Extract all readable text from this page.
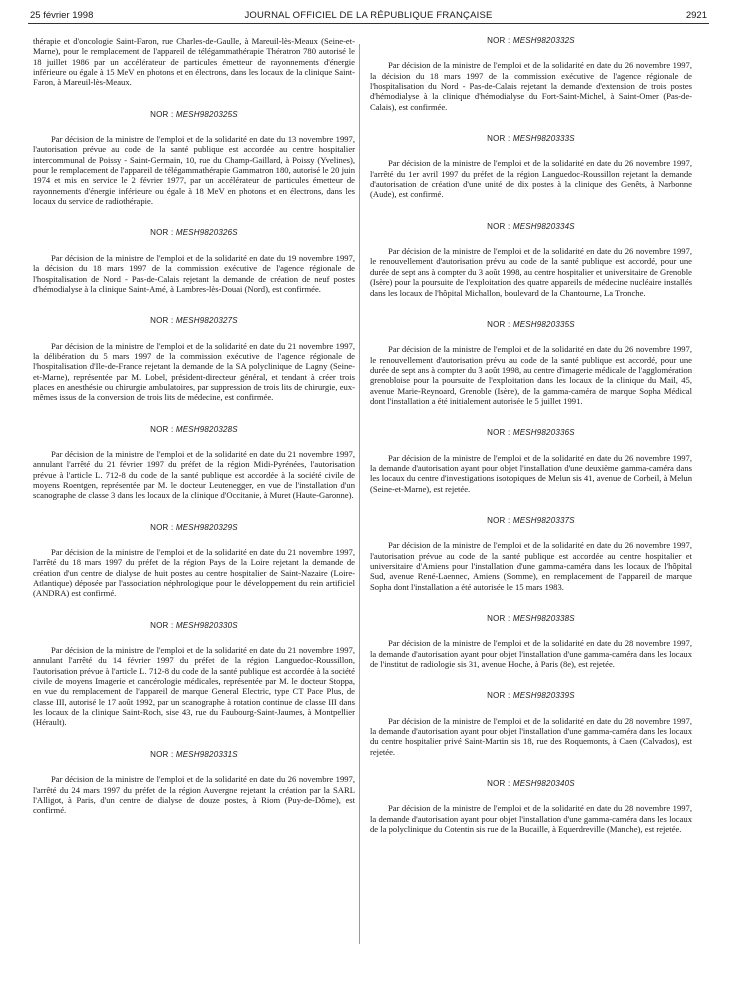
25 février 1998	JOURNAL OFFICIEL DE LA RÉPUBLIQUE FRANÇAISE	2921

thérapie et d'oncologie Saint-Faron, rue Charles-de-Gaulle, à Mareuil-lès-Meaux (Seine-et-Marne), pour le remplacement de l'appareil de télégammathérapie Thératron 780 autorisé le 18 juillet 1986 par un accélérateur de particules émetteur de rayonnements d'énergie inférieure ou égale à 15 MeV en photons et en électrons, dans les locaux de la clinique Saint-Faron, à Mareuil-lès-Meaux.

NOR : MESH9820325S

Par décision de la ministre de l'emploi et de la solidarité en date du 13 novembre 1997, l'autorisation prévue au code de la santé publique est accordée au centre hospitalier intercommunal de Poissy - Saint-Germain, 10, rue du Champ-Gaillard, à Poissy (Yvelines), pour le remplacement de l'appareil de télégammathérapie Gammatron 180, autorisé le 20 juin 1974 et mis en service le 2 février 1977, par un accélérateur de particules émetteur de rayonnements d'énergie inférieure ou égale à 18 MeV en photons et en électrons, dans les locaux du service de radiothérapie.

NOR : MESH9820326S

Par décision de la ministre de l'emploi et de la solidarité en date du 19 novembre 1997, la décision du 18 mars 1997 de la commission exécutive de l'agence régionale de l'hospitalisation de Nord - Pas-de-Calais rejetant la demande de création de neuf postes d'hémodialyse à la clinique Saint-Amé, à Lambres-lès-Douai (Nord), est confirmée.

NOR : MESH9820327S

Par décision de la ministre de l'emploi et de la solidarité en date du 21 novembre 1997, la délibération du 5 mars 1997 de la commission exécutive de l'agence régionale de l'hospitalisation d'Ile-de-France rejetant la demande de la SA polyclinique de Lagny (Seine-et-Marne), représentée par M. Lobel, président-directeur général, et tendant à créer trois places en anesthésie ou chirurgie ambulatoires, par suppression de trois lits de chirurgie, eux-mêmes issus de la conversion de trois lits de médecine, est confirmée.

NOR : MESH9820328S

Par décision de la ministre de l'emploi et de la solidarité en date du 21 novembre 1997, annulant l'arrêté du 21 février 1997 du préfet de la région Midi-Pyrénées, l'autorisation prévue à l'article L. 712-8 du code de la santé publique est accordée à la société civile de moyens Roentgen, représentée par M. le docteur Leutenegger, en vue de l'installation d'un scanographe de classe 3 dans les locaux de la clinique d'Occitanie, à Muret (Haute-Garonne).

NOR : MESH9820329S

Par décision de la ministre de l'emploi et de la solidarité en date du 21 novembre 1997, l'arrêté du 18 mars 1997 du préfet de la région Pays de la Loire rejetant la demande de création d'un centre de dialyse de huit postes au centre hospitalier de Saint-Nazaire (Loire-Atlantique) déposée par l'association néphrologique pour le développement du rein artificiel (ANDRA) est confirmé.

NOR : MESH9820330S

Par décision de la ministre de l'emploi et de la solidarité en date du 21 novembre 1997, annulant l'arrêté du 14 février 1997 du préfet de la région Languedoc-Roussillon, l'autorisation prévue à l'article L. 712-8 du code de la santé publique est accordée à la société civile de moyens Imagerie et cancérologie médicales, représentée par M. le docteur Stoppa, en vue du remplacement de l'appareil de marque General Electric, type CT Pace Plus, de classe III, autorisé le 17 août 1992, par un scanographe à rotation continue de classe III dans les locaux de la clinique Saint-Roch, sise 43, rue du Faubourg-Saint-Jaumes, à Montpellier (Hérault).

NOR : MESH9820331S

Par décision de la ministre de l'emploi et de la solidarité en date du 26 novembre 1997, l'arrêté du 24 mars 1997 du préfet de la région Auvergne rejetant la création par la SARL l'Alligot, à Paris, d'un centre de dialyse de douze postes, à Riom (Puy-de-Dôme), est confirmé.

NOR : MESH9820332S

Par décision de la ministre de l'emploi et de la solidarité en date du 26 novembre 1997, la décision du 18 mars 1997 de la commission exécutive de l'agence régionale de l'hospitalisation du Nord - Pas-de-Calais rejetant la demande d'extension de trois postes d'hémodialyse à la clinique d'hémodialyse du Fort-Saint-Michel, à Saint-Omer (Pas-de-Calais), est confirmée.

NOR : MESH9820333S

Par décision de la ministre de l'emploi et de la solidarité en date du 26 novembre 1997, l'arrêté du 1er avril 1997 du préfet de la région Languedoc-Roussillon rejetant la demande d'autorisation de création d'une unité de dix postes à la clinique des Genêts, à Narbonne (Aude), est confirmé.

NOR : MESH9820334S

Par décision de la ministre de l'emploi et de la solidarité en date du 26 novembre 1997, le renouvellement d'autorisation prévu au code de la santé publique est accordé, pour une durée de sept ans à compter du 3 août 1998, au centre hospitalier et universitaire de Grenoble (Isère) pour la poursuite de l'exploitation des quatre appareils de médecine nucléaire installés dans les locaux de l'hôpital Michallon, boulevard de la Chantourne, La Tronche.

NOR : MESH9820335S

Par décision de la ministre de l'emploi et de la solidarité en date du 26 novembre 1997, le renouvellement d'autorisation prévu au code de la santé publique est accordé, pour une durée de sept ans à compter du 3 août 1998, au centre d'imagerie médicale de l'agglomération grenobloise pour la poursuite de l'exploitation dans les locaux de la clinique du Mail, 45, avenue Marie-Reynoard, Grenoble (Isère), de la gamma-caméra de marque Sopha Médical dont l'installation a été initialement autorisée le 5 juillet 1991.

NOR : MESH9820336S

Par décision de la ministre de l'emploi et de la solidarité en date du 26 novembre 1997, la demande d'autorisation ayant pour objet l'installation d'une deuxième gamma-caméra dans les locaux du centre d'investigations isotopiques de Melun sis 41, avenue de Corbeil, à Melun (Seine-et-Marne), est rejetée.

NOR : MESH9820337S

Par décision de la ministre de l'emploi et de la solidarité en date du 26 novembre 1997, l'autorisation prévue au code de la santé publique est accordée au centre hospitalier et universitaire d'Amiens pour l'installation d'une gamma-caméra dans les locaux de l'hôpital Sud, avenue René-Laennec, Amiens (Somme), en remplacement de l'appareil de marque Sopha dont l'installation a été autorisée le 15 mars 1983.

NOR : MESH9820338S

Par décision de la ministre de l'emploi et de la solidarité en date du 28 novembre 1997, la demande d'autorisation ayant pour objet l'installation d'une gamma-caméra dans les locaux de l'institut de radiologie sis 31, avenue Hoche, à Paris (8e), est rejetée.

NOR : MESH9820339S

Par décision de la ministre de l'emploi et de la solidarité en date du 28 novembre 1997, la demande d'autorisation ayant pour objet l'installation d'une gamma-caméra dans les locaux du centre hospitalier privé Saint-Martin sis 18, rue des Roquemonts, à Caen (Calvados), est rejetée.

NOR : MESH9820340S

Par décision de la ministre de l'emploi et de la solidarité en date du 28 novembre 1997, la demande d'autorisation ayant pour objet l'installation d'une gamma-caméra dans les locaux de la polyclinique du Cotentin sis rue de la Bucaille, à Equerdreville (Manche), est rejetée.
